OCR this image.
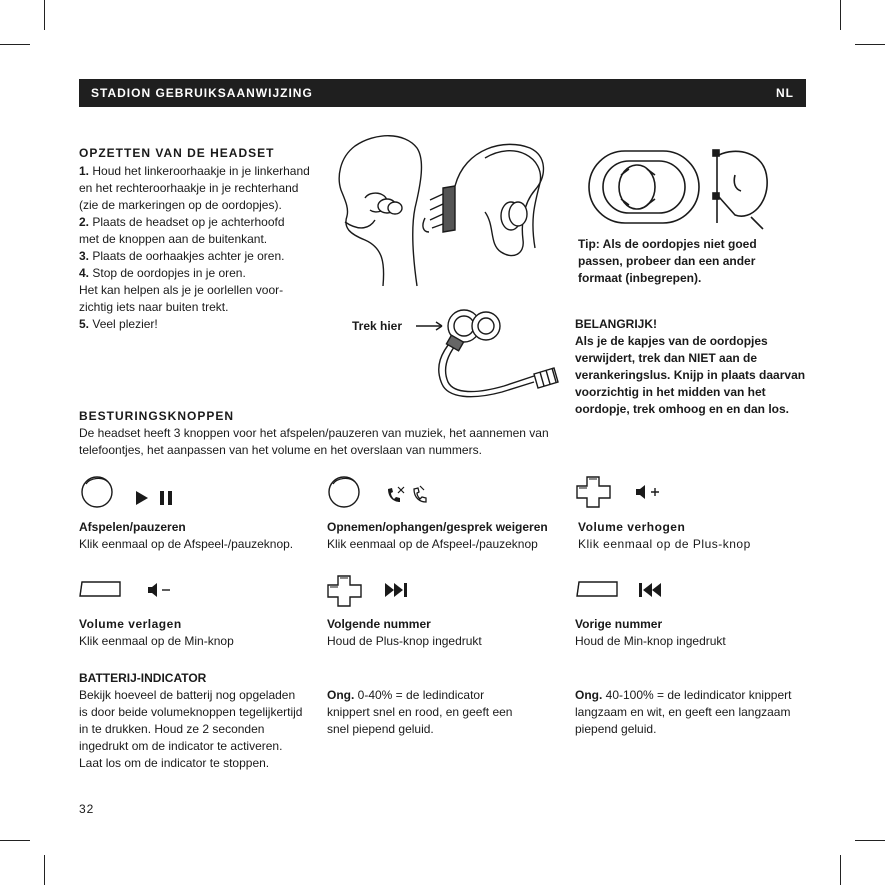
STADION GEBRUIKSAANWIJZING	NL
OPZETTEN VAN DE HEADSET
1. Houd het linkeroorhaakje in je linkerhand
en het rechteroorhaakje in je rechterhand
(zie de markeringen op de oordopjes).
2. Plaats de headset op je achterhoofd
met de knoppen aan de buitenkant.
3. Plaats de oorhaakjes achter je oren.
4. Stop de oordopjes in je oren.
Het kan helpen als je je oorlellen voor-
zichtig iets naar buiten trekt.
5. Veel plezier!
Tip: Als de oordopjes niet goed
passen, probeer dan een ander
formaat (inbegrepen).
Trek hier	BELANGRIJK!
Als je de kapjes van de oordopjes
verwijdert, trek dan NIET aan de
verankeringslus. Knijp in plaats daarvan
voorzichtig in het midden van het
oordopje, trek omhoog en en dan los.
BESTURINGSKNOPPEN
De headset heeft 3 knoppen voor het afspelen/pauzeren van muziek, het aannemen van
telefoontjes, het aanpassen van het volume en het overslaan van nummers.
Afspelen/pauzeren
Klik eenmaal op de Afspeel-/pauzeknop.
Opnemen/ophangen/gesprek weigeren
Klik eenmaal op de Afspeel-/pauzeknop
Volume verhogen
Klik eenmaal op de Plus-knop
Volume verlagen
Klik eenmaal op de Min-knop
Volgende nummer
Houd de Plus-knop ingedrukt
Vorige nummer
Houd de Min-knop ingedrukt
BATTERIJ-INDICATOR
Bekijk hoeveel de batterij nog opgeladen
is door beide volumeknoppen tegelijkertijd
in te drukken. Houd ze 2 seconden
ingedrukt om de indicator te activeren.
Laat los om de indicator te stoppen.
Ong. 0-40% = de ledindicator
knippert snel en rood, en geeft een
snel piepend geluid.
Ong. 40-100% = de ledindicator knippert
langzaam en wit, en geeft een langzaam
piepend geluid.
32
